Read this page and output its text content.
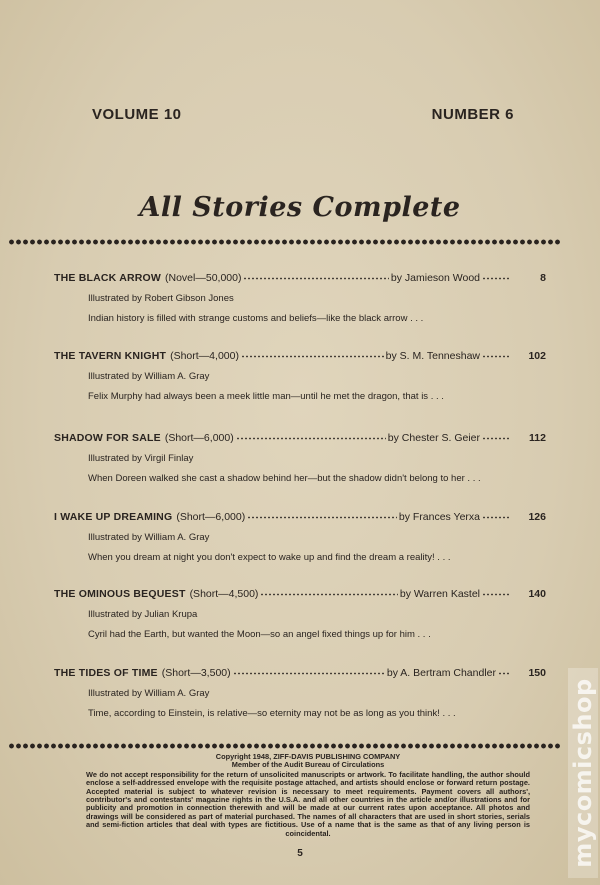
VOLUME 10	NUMBER 6
All Stories Complete
THE BLACK ARROW (Novel—50,000)	by Jamieson Wood	8
Illustrated by Robert Gibson Jones
Indian history is filled with strange customs and beliefs—like the black arrow . . .
THE TAVERN KNIGHT (Short—4,000)	by S. M. Tenneshaw	102
Illustrated by William A. Gray
Felix Murphy had always been a meek little man—until he met the dragon, that is . . .
SHADOW FOR SALE (Short—6,000)	by Chester S. Geier	112
Illustrated by Virgil Finlay
When Doreen walked she cast a shadow behind her—but the shadow didn't belong to her . . .
I WAKE UP DREAMING (Short—6,000)	by Frances Yerxa	126
Illustrated by William A. Gray
When you dream at night you don't expect to wake up and find the dream a reality! . . .
THE OMINOUS BEQUEST (Short—4,500)	by Warren Kastel	140
Illustrated by Julian Krupa
Cyril had the Earth, but wanted the Moon—so an angel fixed things up for him . . .
THE TIDES OF TIME (Short—3,500)	by A. Bertram Chandler	150
Illustrated by William A. Gray
Time, according to Einstein, is relative—so eternity may not be as long as you think! . . .
Copyright 1948, ZIFF-DAVIS PUBLISHING COMPANY
Member of the Audit Bureau of Circulations
We do not accept responsibility for the return of unsolicited manuscripts or artwork. To facilitate handling, the author should enclose a self-addressed envelope with the requisite postage attached, and artists should enclose or forward return postage. Accepted material is subject to whatever revision is necessary to meet requirements. Payment covers all authors', contributor's and contestants' magazine rights in the U.S.A. and all other countries in the article and/or illustrations and for publicity and promotion in connection therewith and will be made at our current rates upon acceptance. All photos and drawings will be considered as part of material purchased. The names of all characters that are used in short stories, serials and semi-fiction articles that deal with types are fictitious. Use of a name that is the same as that of any living person is coincidental.
5	mycomicshop
